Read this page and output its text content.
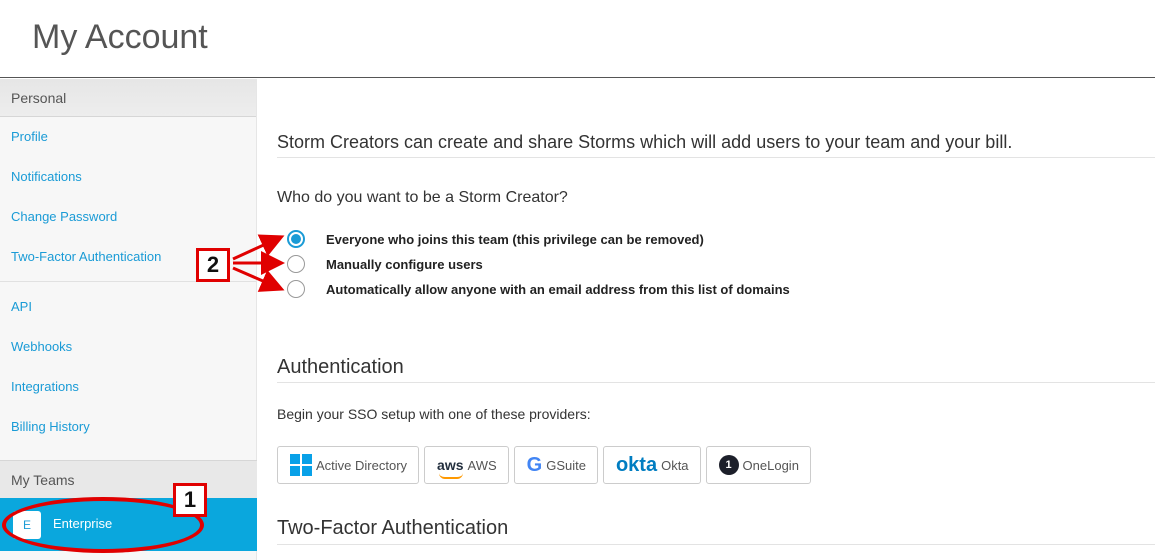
My Account
Personal
Profile
Notifications
Change Password
Two-Factor Authentication
API
Webhooks
Integrations
Billing History
My Teams
E	Enterprise
Storm Creators can create and share Storms which will add users to your team and your bill.
Who do you want to be a Storm Creator?
Everyone who joins this team (this privilege can be removed)
Manually configure users
Automatically allow anyone with an email address from this list of domains
Authentication
Begin your SSO setup with one of these providers:
Active Directory aws AWS G GSuite okta Okta	1 OneLogin
Two-Factor Authentication
1
2
